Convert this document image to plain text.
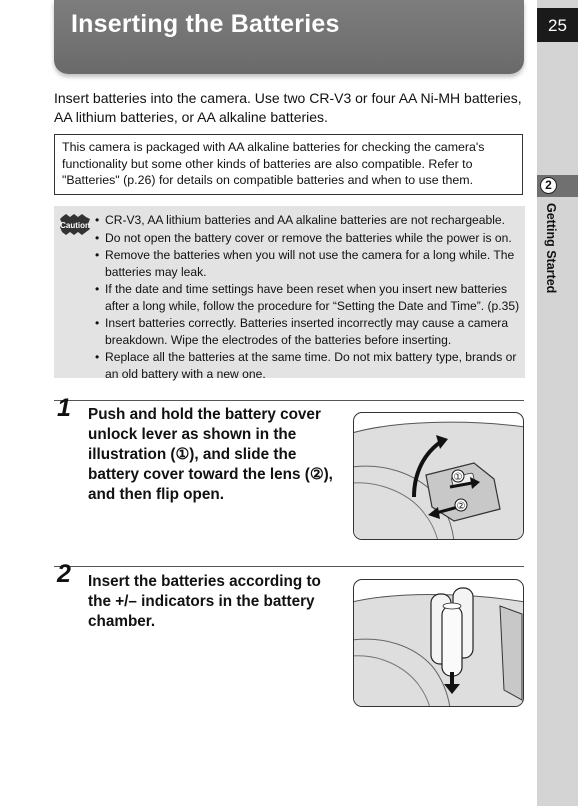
Inserting the Batteries	25
2
Getting Started

Insert batteries into the camera. Use two CR-V3 or four AA Ni-MH batteries, AA lithium batteries, or AA alkaline batteries.

This camera is packaged with AA alkaline batteries for checking the camera's functionality but some other kinds of batteries are also compatible. Refer to "Batteries" (p.26) for details on compatible batteries and when to use them.

Caution
•	CR-V3, AA lithium batteries and AA alkaline batteries are not rechargeable.
• Do not open the battery cover or remove the batteries while the power is on.
• Remove the batteries when you will not use the camera for a long while. The batteries may leak.
• If the date and time settings have been reset when you insert new batteries after a long while, follow the procedure for “Setting the Date and Time”. (p.35)
• Insert batteries correctly. Batteries inserted incorrectly may cause a camera breakdown. Wipe the electrodes of the batteries before inserting.
• Replace all the batteries at the same time. Do not mix battery type, brands or an old battery with a new one.
1 Push and hold the battery cover unlock lever as shown in the illustration (①), and slide the battery cover toward the lens (②), and then flip open.

①
②
2 Insert the batteries according to the +/– indicators in the battery chamber.
